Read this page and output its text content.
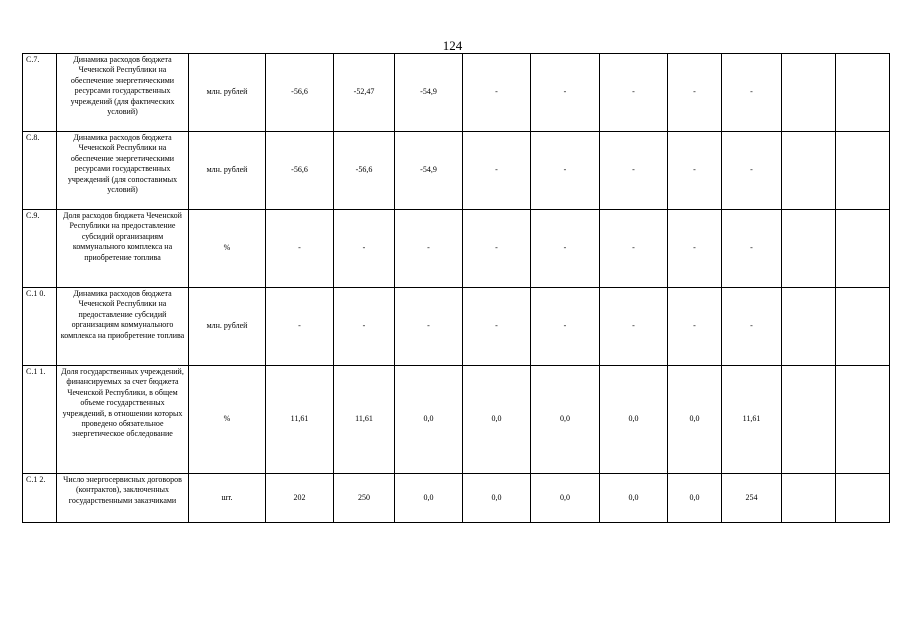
124
С.7.	Динамика расходов бюджета Чеченской Республики на обеспечение энергетическими ресурсами государственных учреждений (для фактических условий)	млн. рублей	-56,6	-52,47	-54,9	-	-	-	-	-		
С.8.	Динамика расходов бюджета Чеченской Республики на обеспечение энергетическими ресурсами государственных учреждений (для сопоставимых условий)	млн. рублей	-56,6	-56,6	-54,9	-	-	-	-	-		
С.9.	Доля расходов бюджета Чеченской Республики на предоставление субсидий организациям коммунального комплекса на приобретение топлива	%	-	-	-	-	-	-	-	-		
С.1 0.	Динамика расходов бюджета Чеченской Республики на предоставление субсидий организациям коммунального комплекса на приобретение топлива	млн. рублей	-	-	-	-	-	-	-	-		
С.1 1.	Доля государственных учреждений, финансируемых за счет бюджета Чеченской Республики, в общем объеме государственных учреждений, в отношении которых проведено обязательное энергетическое обследование	%	11,61	11,61	0,0	0,0	0,0	0,0	0,0	11,61		
С.1 2.	Число энергосервисных договоров (контрактов), заключенных государственными заказчиками	шт.	202	250	0,0	0,0	0,0	0,0	0,0	254		
